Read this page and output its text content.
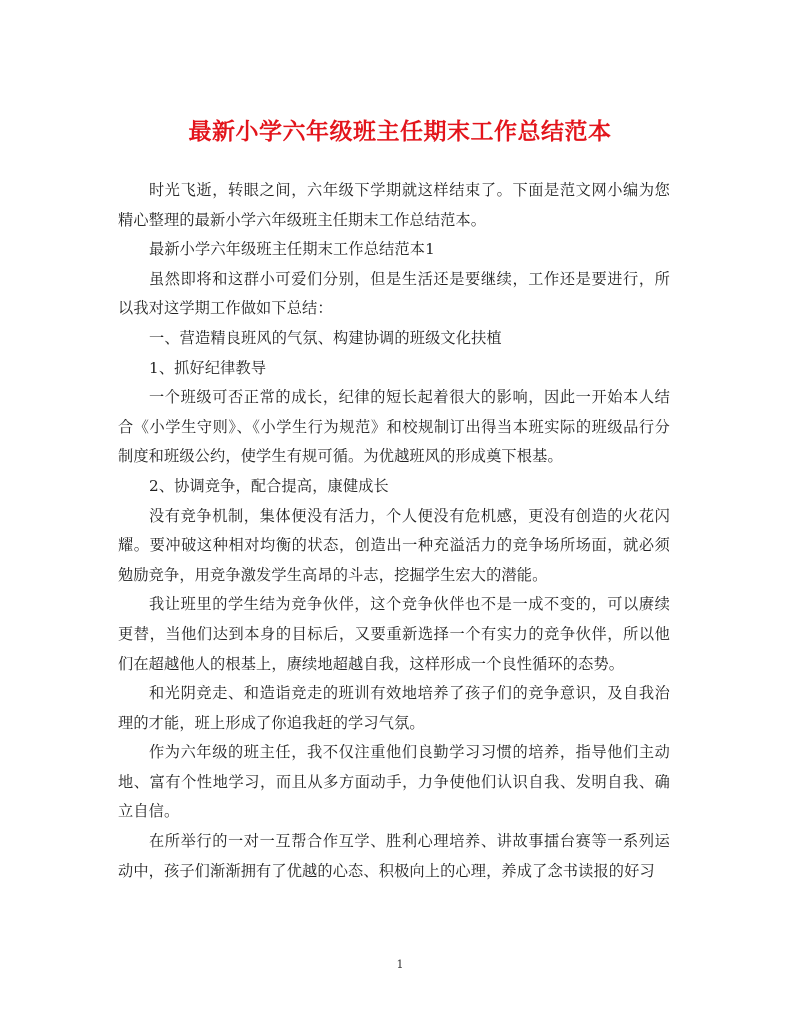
最新小学六年级班主任期末工作总结范本

时光飞逝，转眼之间，六年级下学期就这样结束了。下面是范文网小编为您精心整理的最新小学六年级班主任期末工作总结范本。

最新小学六年级班主任期末工作总结范本1

虽然即将和这群小可爱们分别，但是生活还是要继续，工作还是要进行，所以我对这学期工作做如下总结：

一、营造精良班风的气氛、构建协调的班级文化扶植

1、抓好纪律教导

一个班级可否正常的成长，纪律的短长起着很大的影响，因此一开始本人结合《小学生守则》、《小学生行为规范》和校规制订出得当本班实际的班级品行分制度和班级公约，使学生有规可循。为优越班风的形成奠下根基。

2、协调竞争，配合提高，康健成长

没有竞争机制，集体便没有活力，个人便没有危机感，更没有创造的火花闪耀。要冲破这种相对均衡的状态，创造出一种充溢活力的竞争场所场面，就必须勉励竞争，用竞争激发学生高昂的斗志，挖掘学生宏大的潜能。

我让班里的学生结为竞争伙伴，这个竞争伙伴也不是一成不变的，可以赓续更替，当他们达到本身的目标后，又要重新选择一个有实力的竞争伙伴，所以他们在超越他人的根基上，赓续地超越自我，这样形成一个良性循环的态势。

和光阴竞走、和造诣竞走的班训有效地培养了孩子们的竞争意识，及自我治理的才能，班上形成了你追我赶的学习气氛。

作为六年级的班主任，我不仅注重他们良勤学习习惯的培养，指导他们主动地、富有个性地学习，而且从多方面动手，力争使他们认识自我、发明自我、确立自信。

在所举行的一对一互帮合作互学、胜利心理培养、讲故事擂台赛等一系列运动中，孩子们渐渐拥有了优越的心态、积极向上的心理，养成了念书读报的好习

1
